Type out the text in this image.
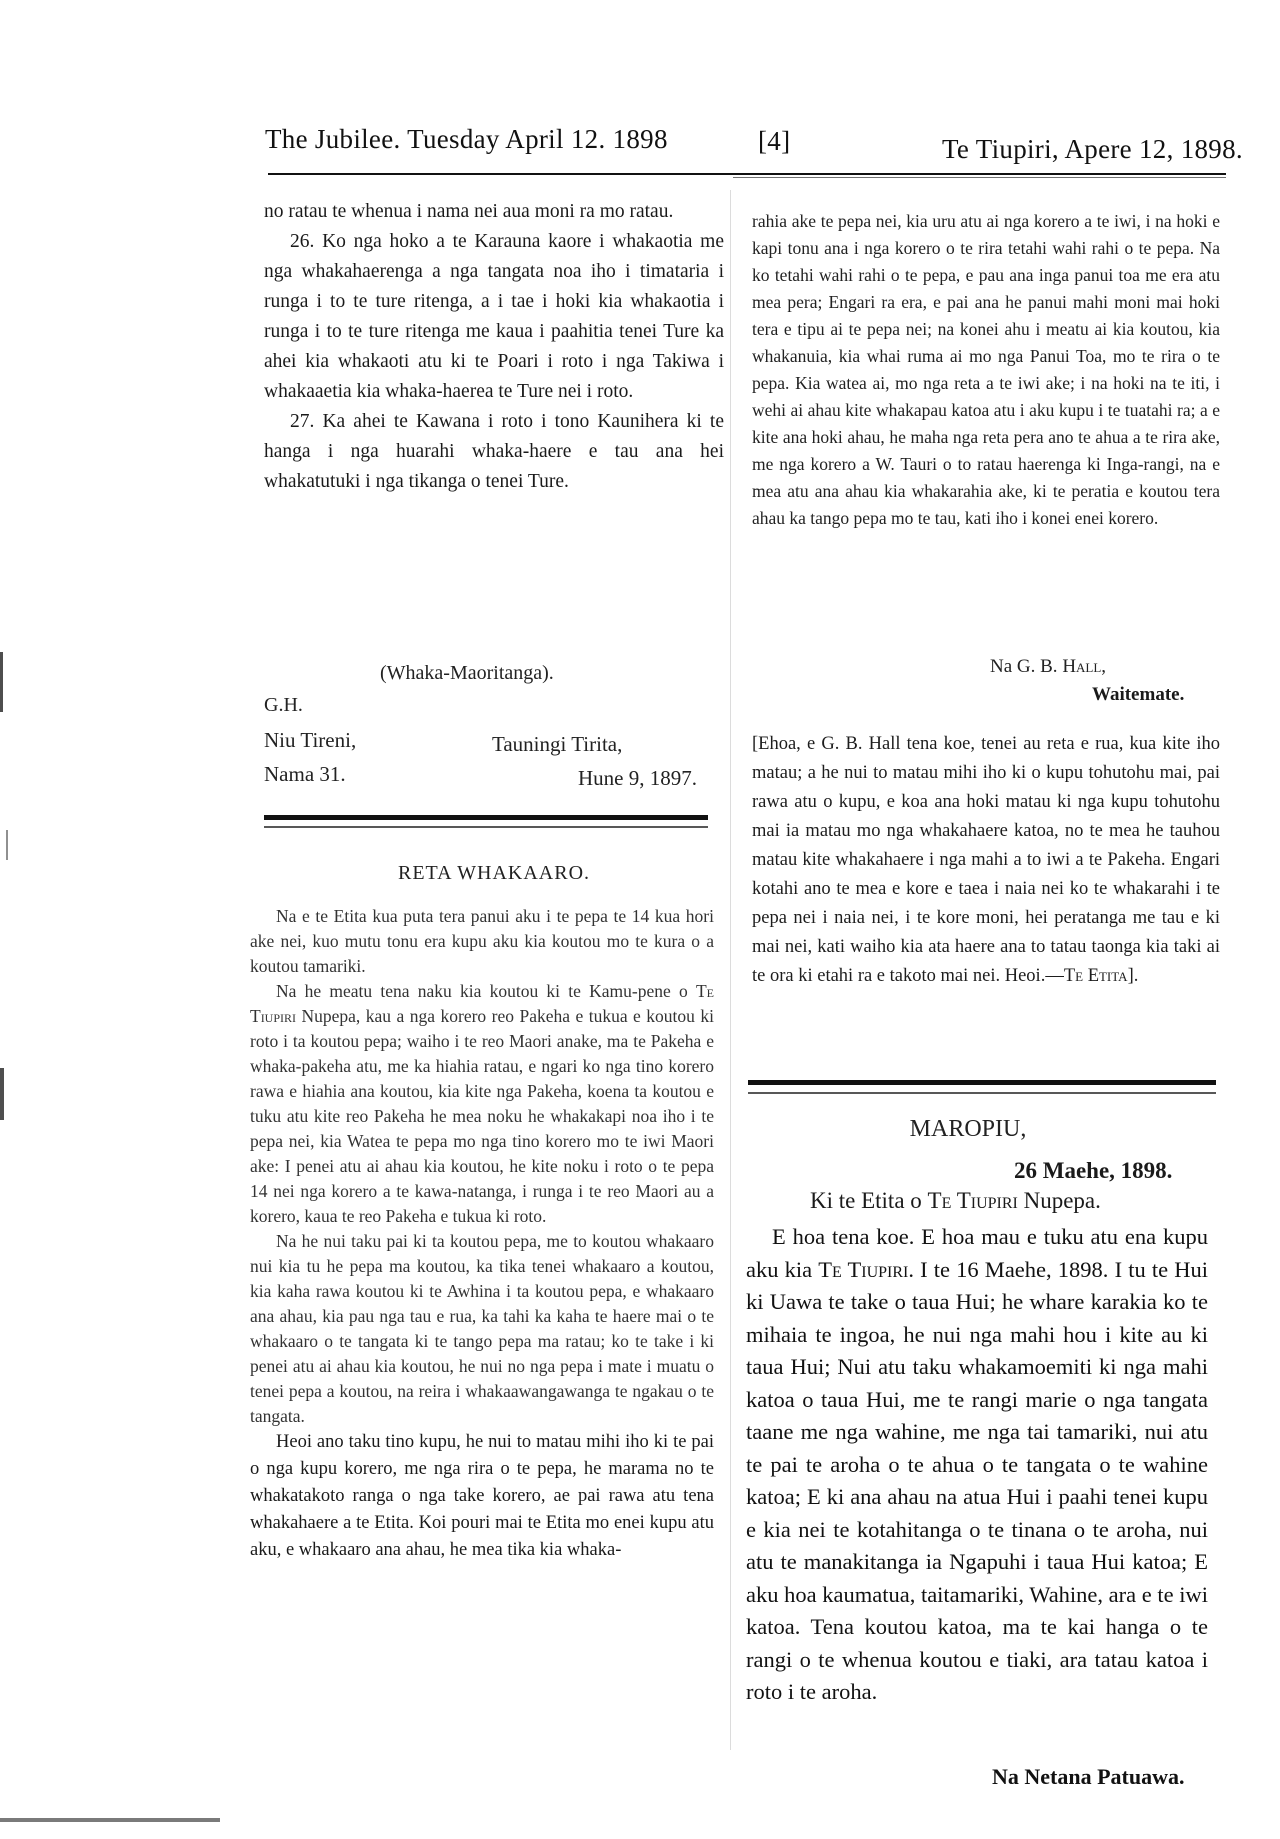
The Jubilee. Tuesday April 12. 1898	[4]	Te Tiupiri, Apere 12, 1898.

no ratau te whenua i nama nei aua moni ra mo ratau.

26. Ko nga hoko a te Karauna kaore i whakaotia me nga whakahaerenga a nga tangata noa iho i timataria i runga i to te ture ritenga, a i tae i hoki kia whakaotia i runga i to te ture ritenga me kaua i paahitia tenei Ture ka ahei kia whakaoti atu ki te Poari i roto i nga Takiwa i whakaaetia kia whaka-haerea te Ture nei i roto.

27. Ka ahei te Kawana i roto i tono Kaunihera ki te hanga i nga huarahi whaka-haere e tau ana hei whakatutuki i nga tikanga o tenei Ture.

(Whaka-Maoritanga).
G.H.
Niu Tireni,	Tauningi Tirita,
Nama 31.	Hune 9, 1897.
RETA WHAKAARO.

Na e te Etita kua puta tera panui aku i te pepa te 14 kua hori ake nei, kuo mutu tonu era kupu aku kia koutou mo te kura o a koutou tamariki.

Na he meatu tena naku kia koutou ki te Kamu-pene o Te Tiupiri Nupepa, kau a nga korero reo Pakeha e tukua e koutou ki roto i ta koutou pepa; waiho i te reo Maori anake, ma te Pakeha e whaka-pakeha atu, me ka hiahia ratau, e ngari ko nga tino korero rawa e hiahia ana koutou, kia kite nga Pakeha, koena ta koutou e tuku atu kite reo Pakeha he mea noku he whakakapi noa iho i te pepa nei, kia Watea te pepa mo nga tino korero mo te iwi Maori ake: I penei atu ai ahau kia koutou, he kite noku i roto o te pepa 14 nei nga korero a te kawa-natanga, i runga i te reo Maori au a korero, kaua te reo Pakeha e tukua ki roto.

Na he nui taku pai ki ta koutou pepa, me to koutou whakaaro nui kia tu he pepa ma koutou, ka tika tenei whakaaro a koutou, kia kaha rawa koutou ki te Awhina i ta koutou pepa, e whakaaro ana ahau, kia pau nga tau e rua, ka tahi ka kaha te haere mai o te whakaaro o te tangata ki te tango pepa ma ratau; ko te take i ki penei atu ai ahau kia koutou, he nui no nga pepa i mate i muatu o tenei pepa a koutou, na reira i whakaawangawanga te ngakau o te tangata.

Heoi ano taku tino kupu, he nui to matau mihi iho ki te pai o nga kupu korero, me nga rira o te pepa, he marama no te whakatakoto ranga o nga take korero, ae pai rawa atu tena whakahaere a te Etita. Koi pouri mai te Etita mo enei kupu atu aku, e whakaaro ana ahau, he mea tika kia whaka-

rahia ake te pepa nei, kia uru atu ai nga korero a te iwi, i na hoki e kapi tonu ana i nga korero o te rira tetahi wahi rahi o te pepa. Na ko tetahi wahi rahi o te pepa, e pau ana inga panui toa me era atu mea pera; Engari ra era, e pai ana he panui mahi moni mai hoki tera e tipu ai te pepa nei; na konei ahu i meatu ai kia koutou, kia whakanuia, kia whai ruma ai mo nga Panui Toa, mo te rira o te pepa. Kia watea ai, mo nga reta a te iwi ake; i na hoki na te iti, i wehi ai ahau kite whakapau katoa atu i aku kupu i te tuatahi ra; a e kite ana hoki ahau, he maha nga reta pera ano te ahua a te rira ake, me nga korero a W. Tauri o to ratau haerenga ki Inga-rangi, na e mea atu ana ahau kia whakarahia ake, ki te peratia e koutou tera ahau ka tango pepa mo te tau, kati iho i konei enei korero.

Na G. B. Hall,
Waitemate.

[Ehoa, e G. B. Hall tena koe, tenei au reta e rua, kua kite iho matau; a he nui to matau mihi iho ki o kupu tohutohu mai, pai rawa atu o kupu, e koa ana hoki matau ki nga kupu tohutohu mai ia matau mo nga whakahaere katoa, no te mea he tauhou matau kite whakahaere i nga mahi a to iwi a te Pakeha. Engari kotahi ano te mea e kore e taea i naia nei ko te whakarahi i te pepa nei i naia nei, i te kore moni, hei peratanga me tau e ki mai nei, kati waiho kia ata haere ana to tatau taonga kia taki ai te ora ki etahi ra e takoto mai nei. Heoi.—Te Etita].

MAROPIU,
26 Maehe, 1898.
Ki te Etita o Te Tiupiri Nupepa.

E hoa tena koe. E hoa mau e tuku atu ena kupu aku kia Te Tiupiri. I te 16 Maehe, 1898. I tu te Hui ki Uawa te take o taua Hui; he whare karakia ko te mihaia te ingoa, he nui nga mahi hou i kite au ki taua Hui; Nui atu taku whakamoemiti ki nga mahi katoa o taua Hui, me te rangi marie o nga tangata taane me nga wahine, me nga tai tamariki, nui atu te pai te aroha o te ahua o te tangata o te wahine katoa; E ki ana ahau na atua Hui i paahi tenei kupu e kia nei te kotahitanga o te tinana o te aroha, nui atu te manakitanga ia Ngapuhi i taua Hui katoa; E aku hoa kaumatua, taitamariki, Wahine, ara e te iwi katoa. Tena koutou katoa, ma te kai hanga o te rangi o te whenua koutou e tiaki, ara tatau katoa i roto i te aroha.

Na Netana Patuawa.
